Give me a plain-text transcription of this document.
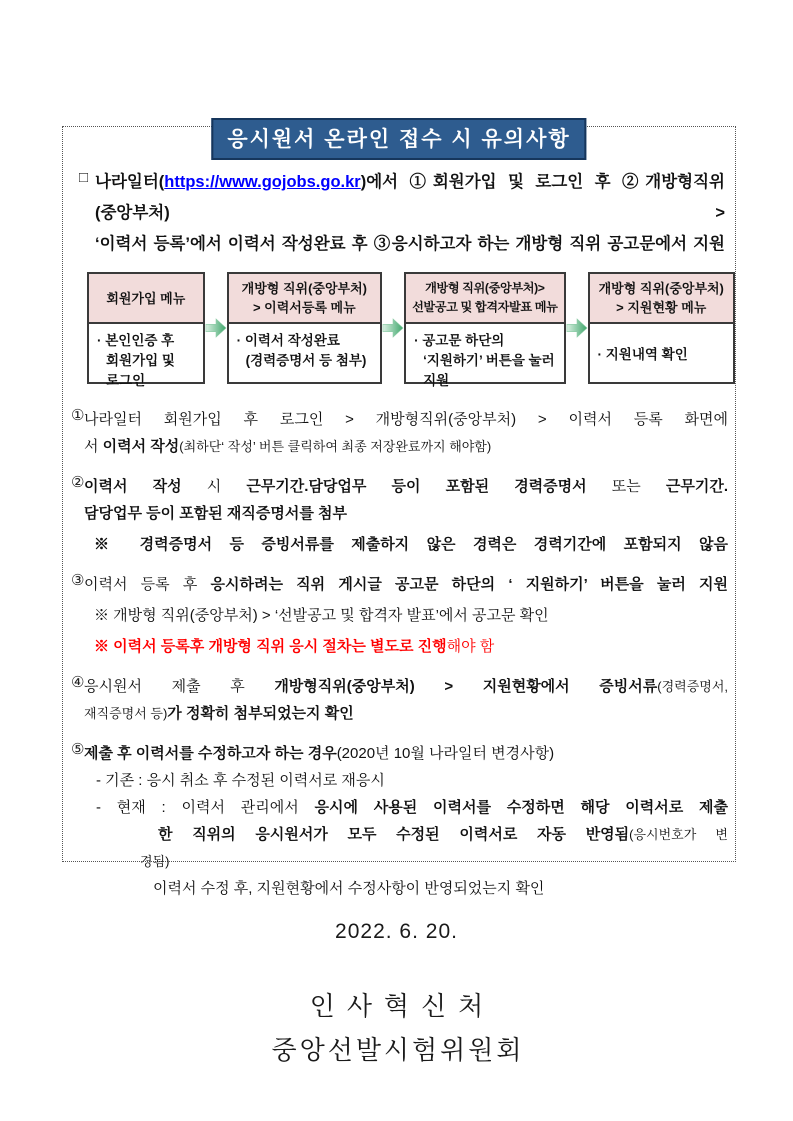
응시원서 온라인 접수 시 유의사항
□ 나라일터(https://www.gojobs.go.kr)에서 ①회원가입 및 로그인 후 ②개방형직위(중앙부처) >
‘이력서 등록’에서 이력서 작성완료 후 ③응시하고자 하는 개방형 직위 공고문에서 지원
회원가입 메뉴
· 본인인증 후 회원가입 및 로그인
개방형 직위(중앙부처)
> 이력서등록 메뉴
· 이력서 작성완료 (경력증명서 등 첨부)
개방형 직위(중앙부처)>
선발공고 및 합격자발표 메뉴
· 공고문 하단의 ‘지원하기’ 버튼을 눌러 지원
개방형 직위(중앙부처)
> 지원현황 메뉴
· 지원내역 확인
① 나라일터 회원가입 후 로그인 > 개방형직위(중앙부처) > 이력서 등록 화면에
서 이력서 작성(최하단‘ 작성’ 버튼 클릭하여 최종 저장완료까지 해야함)
② 이력서 작성 시 근무기간.담당업무 등이 포함된 경력증명서 또는 근무기간.
담당업무 등이 포함된 재직증명서를 첨부
※ 경력증명서 등 증빙서류를 제출하지 않은 경력은 경력기간에 포함되지 않음
③ 이력서 등록 후 응시하려는 직위 게시글 공고문 하단의 ‘ 지원하기’ 버튼을 눌러 지원
※ 개방형 직위(중앙부처) > ‘선발공고 및 합격자 발표’에서 공고문 확인
※ 이력서 등록후 개방형 직위 응시 절차는 별도로 진행해야 함
④ 응시원서 제출 후 개방형직위(중앙부처) > 지원현황에서 증빙서류(경력증명서,
재직증명서 등)가 정확히 첨부되었는지 확인
⑤ 제출 후 이력서를 수정하고자 하는 경우(2020년 10월 나라일터 변경사항)
- 기존 : 응시 취소 후 수정된 이력서로 재응시
- 현재 : 이력서 관리에서 응시에 사용된 이력서를 수정하면 해당 이력서로 제출
한 직위의 응시원서가 모두 수정된 이력서로 자동 반영됨(응시번호가 변
경됨)
이력서 수정 후, 지원현황에서 수정사항이 반영되었는지 확인
2022. 6. 20.
인사혁신처
중앙선발시험위원회
